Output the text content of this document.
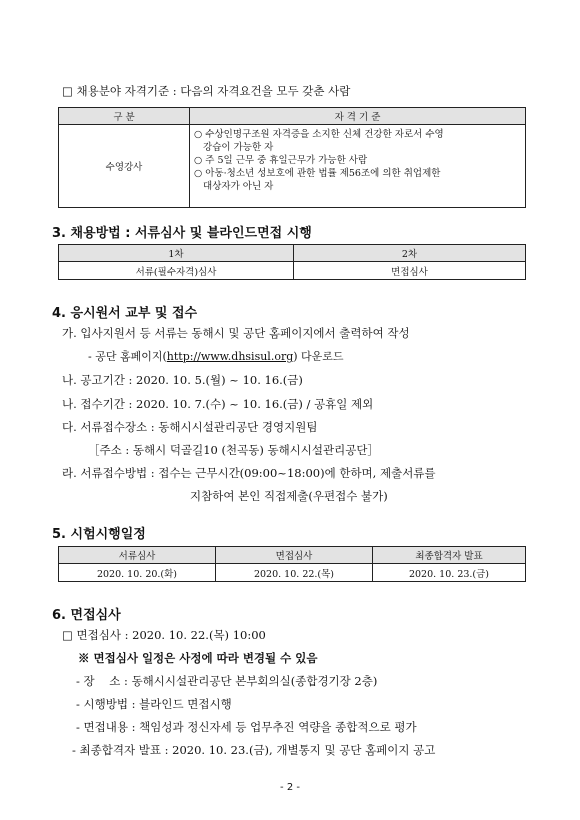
□ 채용분야 자격기준 : 다음의 자격요건을 모두 갖춘 사람
구 분	자 격 기 준
수영강사	○ 수상인명구조원 자격증을 소지한 신체 건강한 자로서 수영
강습이 가능한 자
○ 주 5일 근무 중 휴일근무가 가능한 사람
○ 아동·청소년 성보호에 관한 법률 제56조에 의한 취업제한
대상자가 아닌 자
3. 채용방법 : 서류심사 및 블라인드면접 시행
1차	2차
서류(필수자격)심사	면접심사
4. 응시원서 교부 및 접수
가. 입사지원서 등 서류는 동해시 및 공단 홈페이지에서 출력하여 작성
- 공단 홈페이지(http://www.dhsisul.org) 다운로드
나. 공고기간 : 2020. 10. 5.(월) ~ 10. 16.(금)
나. 접수기간 : 2020. 10. 7.(수) ~ 10. 16.(금) / 공휴일 제외
다. 서류접수장소 : 동해시시설관리공단 경영지원팀
［주소 : 동해시 덕골길10 (천곡동) 동해시시설관리공단］
라. 서류접수방법 : 접수는 근무시간(09:00~18:00)에 한하며, 제출서류를
지참하여 본인 직접제출(우편접수 불가)
5. 시험시행일정
서류심사	면접심사	최종합격자 발표
2020. 10. 20.(화)	2020. 10. 22.(목)	2020. 10. 23.(금)
6. 면접심사
□ 면접심사 : 2020. 10. 22.(목) 10:00
※ 면접심사 일정은 사정에 따라 변경될 수 있음
- 장    소 : 동해시시설관리공단 본부회의실(종합경기장 2층)
- 시행방법 : 블라인드 면접시행
- 면접내용 : 책임성과 정신자세 등 업무추진 역량을 종합적으로 평가
- 최종합격자 발표 : 2020. 10. 23.(금), 개별통지 및 공단 홈페이지 공고
- 2 -
